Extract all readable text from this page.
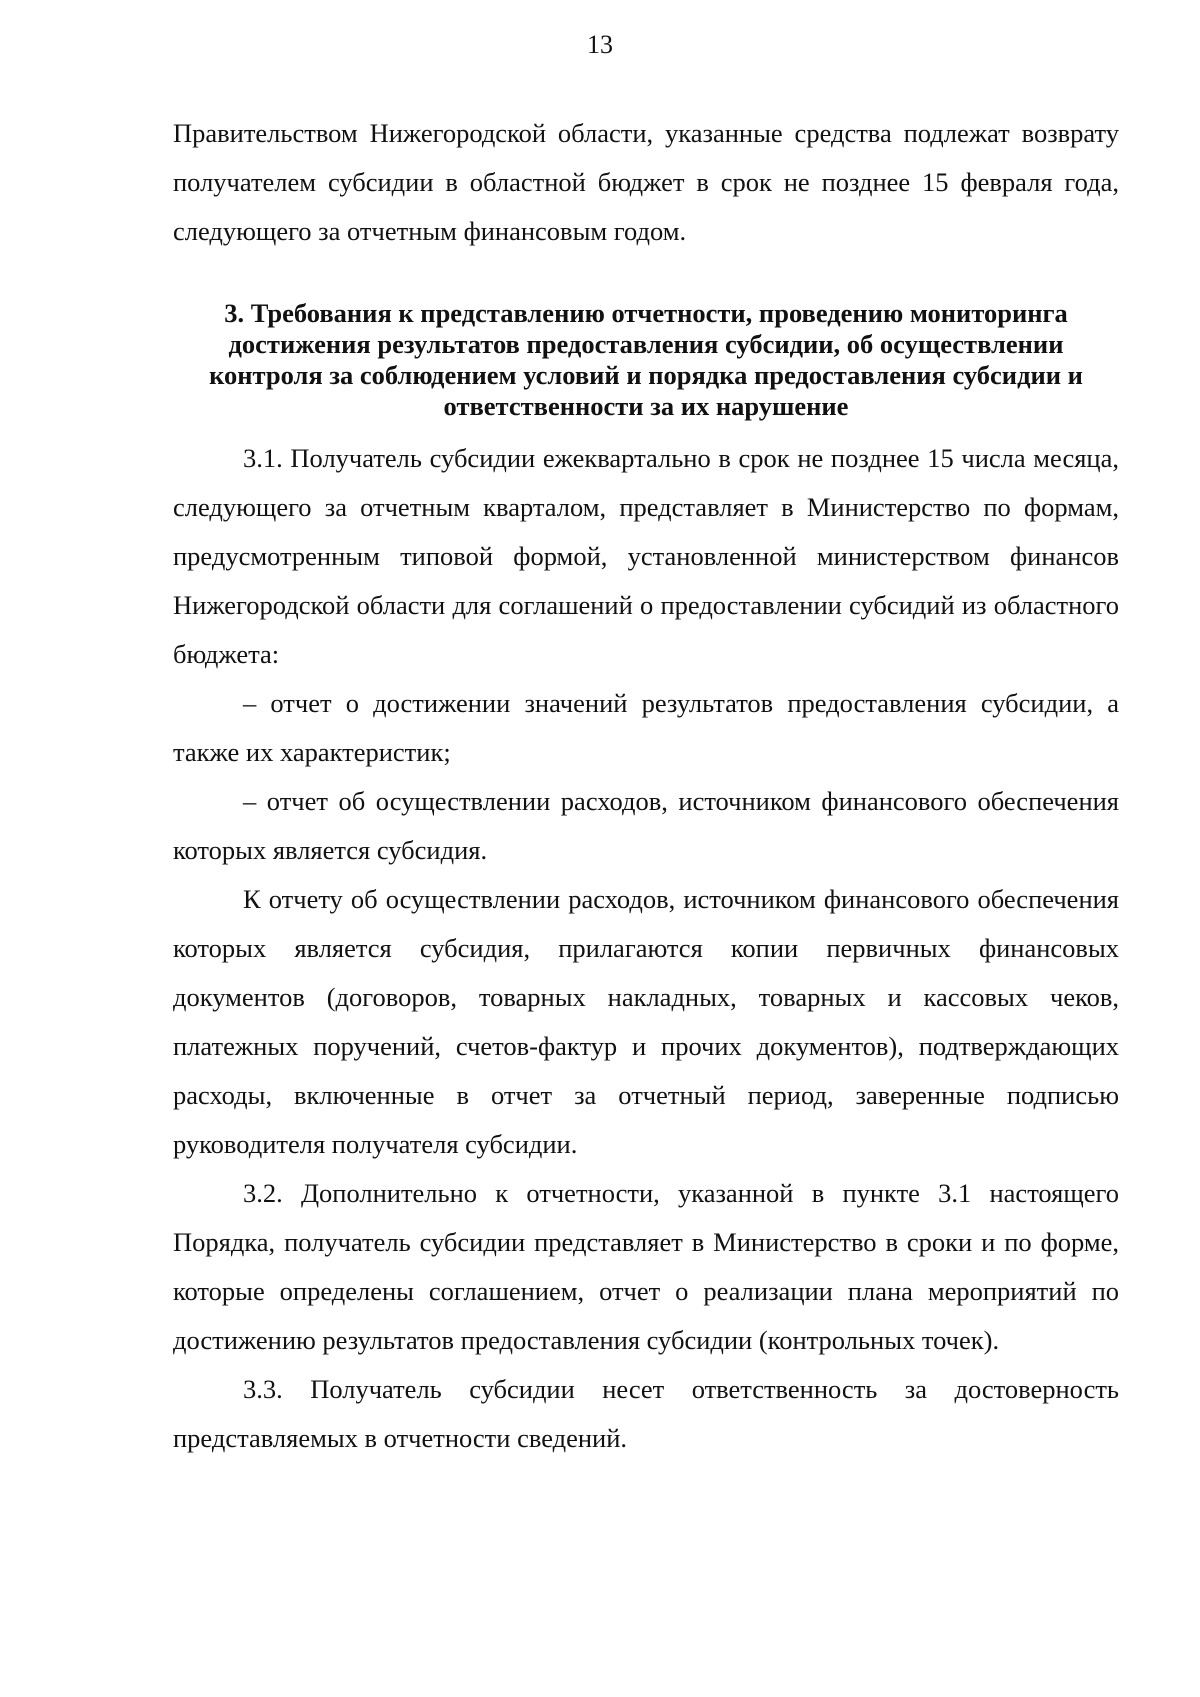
13

Правительством Нижегородской области, указанные средства подлежат возврату получателем субсидии в областной бюджет в срок не позднее 15 февраля года, следующего за отчетным финансовым годом.

3. Требования к представлению отчетности, проведению мониторинга достижения результатов предоставления субсидии, об осуществлении контроля за соблюдением условий и порядка предоставления субсидии и ответственности за их нарушение

3.1. Получатель субсидии ежеквартально в срок не позднее 15 числа месяца, следующего за отчетным кварталом, представляет в Министерство по формам, предусмотренным типовой формой, установленной министерством финансов Нижегородской области для соглашений о предоставлении субсидий из областного бюджета:

– отчет о достижении значений результатов предоставления субсидии, а также их характеристик;

– отчет об осуществлении расходов, источником финансового обеспечения которых является субсидия.

К отчету об осуществлении расходов, источником финансового обеспечения которых является субсидия, прилагаются копии первичных финансовых документов (договоров, товарных накладных, товарных и кассовых чеков, платежных поручений, счетов-фактур и прочих документов), подтверждающих расходы, включенные в отчет за отчетный период, заверенные подписью руководителя получателя субсидии.

3.2. Дополнительно к отчетности, указанной в пункте 3.1 настоящего Порядка, получатель субсидии представляет в Министерство в сроки и по форме, которые определены соглашением, отчет о реализации плана мероприятий по достижению результатов предоставления субсидии (контрольных точек).

3.3. Получатель субсидии несет ответственность за достоверность представляемых в отчетности сведений.
